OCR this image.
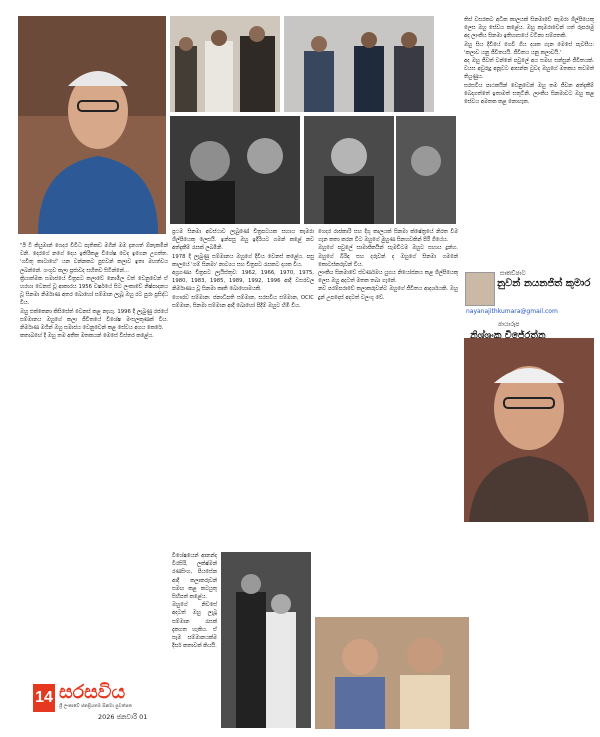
"ඊ ටී කියුමාන් ගෙදර විවිධ පැතිකඩ මගින් මම දැනගත් ඕනෑකමින් වනි. දෙරගේ නගේ දෙය ඉතිරිකළ විශේෂ වෙද ඉගෙන උගත්ත. 'ගවිතු කාටාහේ' යන වන්නකට පුළුවන් කලාව ඉතා මහත්වය ලබන්නේ. ගංගුව කලා ප්‍රජාවද සහිතව සිටින්නේ...
ක්‍රියාත්මක සමාජයේ චිත්‍රපට කලාවේ නොමිල වත් වෙනුවෙන් ඒ හරහා වෙනස් වූ ආකාරය 1956 වර්ෂයේ සිට ලංකාවේ නිෂ්පාදනය වූ සිනමා නිර්මාණ අතර බොහෝ සම්මාන ලැබූ ඔහු රට පුරා ප්‍රසිද්ධ විය.
ඔහු එක්කෙනා කිසිසේත් වෙනස් කළ නැහැ. 1996 දී ලැබුණු රජයේ සම්මානය ඔහුගේ කලා ජීවිතයේ විශේෂ මංසලකුණක් විය. නිර්මාණ මගින් ඔහු සමාජය වෙනුවෙන් කළ සේවය අගය කෙරේ.
කතාබහේ දී ඔහු තම අතීත මතකයන් මෙසේ විස්තර කළේය.
ප්‍රථම සිනමා අවස්ථාව ලැබුණේ චිත්‍රපටයක සහාය කැමරා ශිල්පියෙකු ලෙසයි. ඉන්පසු ඔහු ඉදිරියට ගමන් කළේ නව අත්දැකීම් රැසක් ලබමිනි.
1978 දී ලැබුණු සම්මානය ඔහුගේ දිවිය වෙනස් කළේය. පසු කාලයේ 'ගම් සිනමා' නාට්‍යය සහ චිත්‍රපට රැසකට දායක විය.
අග්‍රගණ්‍ය චිත්‍රපට ලැයිස්තුව: 1962, 1966, 1970, 1975, 1980, 1983, 1985, 1989, 1992, 1996 ආදී වසරවල නිර්මාණය වූ සිනමා කෘති බොහොමයකි.
ගෞරව සම්මාන: ජනාධිපති සම්මාන, සරසවිය සම්මාන, OCIC සම්මාන, සිනමා සම්මාන ආදී බොහෝ පිදීම් ඔහුට හිමි විය.
ගෙදර රාජකාරි සහ දිගු කාලයක් සිනමා ක්ෂේත්‍රයේ නිරත වීම ගැන කතා කරන විට ඔහුගේ මුහුණ සිනහවකින් පිරී ගියේය.
ඔහුගේ පවුලේ සාමාජිකයින් සැමවිටම ඔහුට සහාය දුන්හ. ඔහුගේ බිරිඳ සහ දරුවන් ද ඔහුගේ සිනමා ගමනේ කොටස්කරුවන් විය.
ලාංකීය සිනමාවේ ස්වර්ණමය යුගය නියෝජනය කළ ශිල්පියෙකු ලෙස ඔහු අදටත් මතක තබා ගැනේ.
නව පරම්පරාවේ කලාකරුවන්ට ඔහුගේ ජීවිතය ආදර්ශයකි. ඔහු දුන් උපදෙස් අදටත් වලංගු වේ.
විශේෂයෙන් ආනන්ද වීරසිරි, ලක්ෂ්මන් රණසිංහ, පියසේන ආදී කලාකරුවන් සමඟ කළ කටයුතු සිහිපත් කළේය.
ඔහුගේ නිවසේ අදටත් ඔහු ලැබූ සම්මාන රැසක් දැකගත හැකිය. ඒ සෑම සම්මානයක්ම දීර්ඝ කතාවක් කියයි.
තිස් වසරකට අධික කාලයක් සිනමාවේ කැමරා ශිල්පියෙකු ලෙස ඔහු සේවය කළේය. ඔහු කැමරාවෙන් ගත් රූපරාමු අද ලාංකීය සිනමා ඉතිහාසයේ වටිනා සම්පතකි.
ඔහු සිය දිවියේ ගෙවී ගිය දශක ගැන මෙසේ පැවසීය: 'කලාව යනු ජීවිතයයි. ජීවිතය යනු කලාවයි.'
අද ඔහු ජීවත් වන්නේ පවුලේ අය සමඟ සන්සුන් ජීවිතයක්. වයස අවුරුදු අනූවට ආසන්න වුවද ඔහුගේ මතකය තවමත් තියුණුය.
සරසවිය පාඨකයින් වෙනුවෙන් ඔහු තම ජීවන අත්දැකීම් බෙදාගත්තේ ඉතාමත් සතුටිනි. ලාංකීය සිනමාවට ඔහු කළ සේවය අමතක කළ නොහැක.
සාකච්ඡාව
නුවන් නයනජිත් කුමාර
nayanajithkumara@gmail.com
ඡායාරූප
නිශ්ශංක විජේරත්න
14 සරසවිය
ශ්‍රී ලංකාවේ ජනප්‍රියතම සිනමා පුවත්පත
2026 ජනවාරි 01
